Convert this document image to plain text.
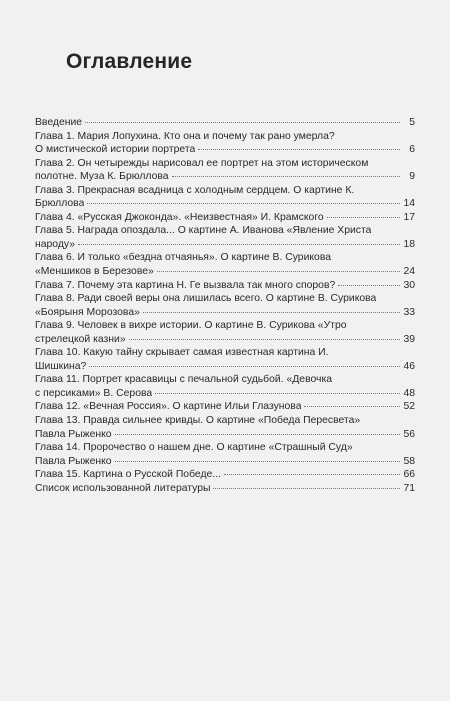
Оглавление
Введение	5
Глава 1. Мария Лопухина. Кто она и почему так рано умерла?
О мистической истории портрета	6
Глава 2. Он четырежды нарисовал ее портрет на этом историческом
полотне. Муза К. Брюллова	9
Глава 3. Прекрасная всадница с холодным сердцем. О картине К.
Брюллова	14
Глава 4. «Русская Джоконда». «Неизвестная» И. Крамского	17
Глава 5. Награда опоздала... О картине А. Иванова «Явление Христа
народу»	18
Глава 6. И только «бездна отчаянья». О картине В. Сурикова
«Меншиков в Березове»	24
Глава 7. Почему эта картина Н. Ге вызвала так много споров?	30
Глава 8. Ради своей веры она лишилась всего. О картине В. Сурикова
«Боярыня Морозова»	33
Глава 9. Человек в вихре истории. О картине В. Сурикова «Утро
стрелецкой казни»	39
Глава 10. Какую тайну скрывает самая известная картина И.
Шишкина?	46
Глава 11. Портрет красавицы с печальной судьбой. «Девочка
с персиками» В. Серова	48
Глава 12. «Вечная Россия». О картине Ильи Глазунова	52
Глава 13. Правда сильнее кривды. О картине «Победа Пересвета»
Павла Рыженко	56
Глава 14. Пророчество о нашем дне. О картине «Страшный Суд»
Павла Рыженко	58
Глава 15. Картина о Русской Победе...	66
Список использованной литературы	71
